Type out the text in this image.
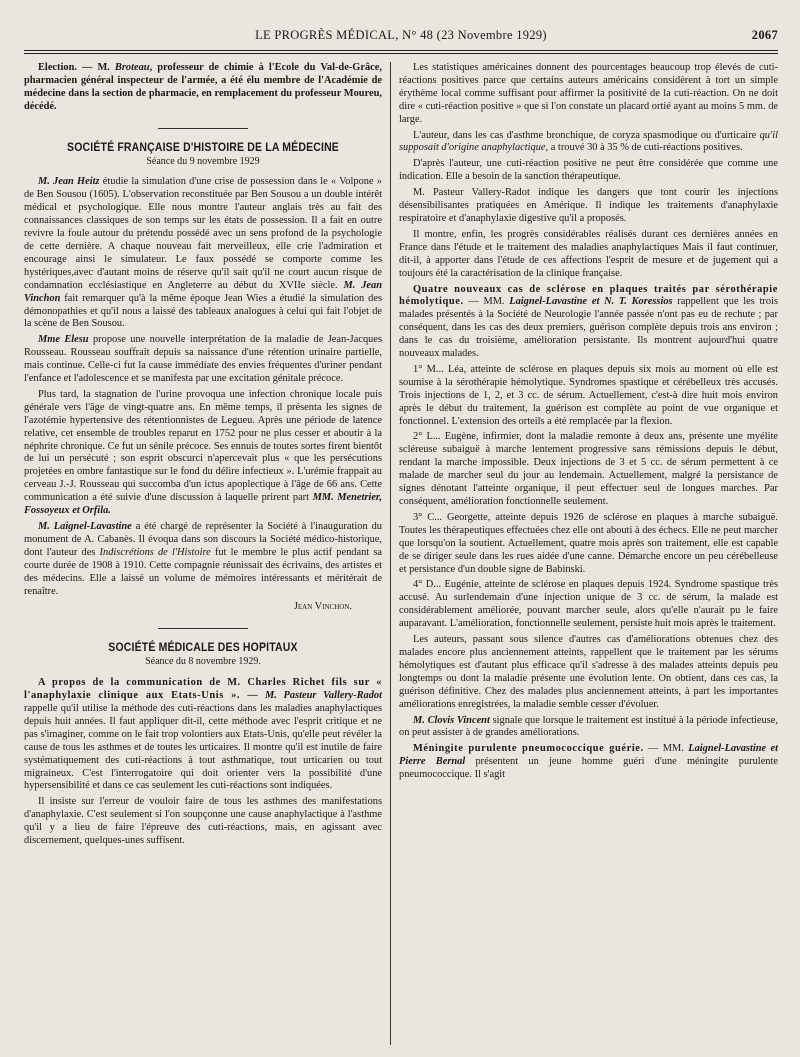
LE PROGRÈS MÉDICAL, N° 48 (23 Novembre 1929)	2067

Election. — M. Broteau, professeur de chimie à l'École du Val-de-Grâce, pharmacien général inspecteur de l'armée, a été élu membre de l'Académie de médecine dans la section de pharmacie, en remplacement du professeur Moureu, décédé.

SOCIÉTÉ FRANÇAISE D'HISTOIRE DE LA MÉDECINE
Séance du 9 novembre 1929

M. Jean Heitz étudie la simulation d'une crise de possession dans le « Volpone » de Ben Sousou (1605). L'observation reconstituée par Ben Sousou a un double intérêt médical et psychologique. Elle nous montre l'auteur anglais très au fait des connaissances classiques de son temps sur les états de possession. Il a fait en outre revivre la foule autour du prétendu possédé avec un sens profond de la psychologie de cette dernière. A chaque nouveau fait merveilleux, elle crie l'admiration et encourage ainsi le simulateur. Le faux possédé se comporte comme les hystériques,avec d'autant moins de réserve qu'il sait qu'il ne court aucun risque de condamnation ecclésiastique en Angleterre au début du XVIIe siècle. M. Jean Vinchon fait remarquer qu'à la même époque Jean Wies a étudié la simulation des démonopathies et qu'il nous a laissé des tableaux analogues à celui qui fait l'objet de la scène de Ben Sousou.

Mme Elesu propose une nouvelle interprétation de la maladie de Jean-Jacques Rousseau. Rousseau souffrait depuis sa naissance d'une rétention urinaire partielle, mais continue. Celle-ci fut la cause immédiate des envies fréquentes d'uriner pendant l'enfance et l'adolescence et se manifesta par une excitation génitale précoce.

Plus tard, la stagnation de l'urine provoqua une infection chronique locale puis générale vers l'âge de vingt-quatre ans. En même temps, il présenta les signes de l'azotémie hypertensive des rétentionnistes de Legueu. Après une période de latence relative, cet ensemble de troubles reparut en 1752 pour ne plus cesser et aboutir à la néphrite chronique. Ce fut un sénile précoce. Ses ennuis de toutes sortes firent bientôt de lui un persécuté ; son esprit obscurci n'apercevait plus « que les persécutions projetées en ombre fantastique sur le fond du délire infectieux ». L'urémie frappait au cerveau J.-J. Rousseau qui succomba d'un ictus apoplectique à l'âge de 66 ans. Cette communication a été suivie d'une discussion à laquelle prirent part MM. Menetrier, Fossoyeux et Orfila.

M. Laignel-Lavastine a été chargé de représenter la Société à l'inauguration du monument de A. Cabanès. Il évoqua dans son discours la Société médico-historique, dont l'auteur des Indiscrétions de l'Histoire fut le membre le plus actif pendant sa courte durée de 1908 à 1910. Cette compagnie réunissait des écrivains, des artistes et des médecins. Elle a laissé un volume de mémoires intéressants et méritérait de renaître.

Jean Vinchon.
SOCIÉTÉ MÉDICALE DES HOPITAUX
Séance du 8 novembre 1929.

A propos de la communication de M. Charles Richet fils sur « l'anaphylaxie clinique aux Etats-Unis ». — M. Pasteur Vallery-Radot rappelle qu'il utilise la méthode des cuti-réactions dans les maladies anaphylactiques depuis huit années. Il faut appliquer dit-il, cette méthode avec l'esprit critique et ne pas s'imaginer, comme on le fait trop volontiers aux Etats-Unis, qu'elle peut révéler la cause de tous les asthmes et de toutes les urticaires. Il montre qu'il est inutile de faire systématiquement des cuti-réactions à tout asthmatique, tout urticarien ou tout migraineux. C'est l'interrogatoire qui doit orienter vers la possibilité d'une hypersensibilité et dans ce cas seulement les cuti-réactions sont indiquées.

Il insiste sur l'erreur de vouloir faire de tous les asthmes des manifestations d'anaphylaxie. C'est seulement si l'on soupçonne une cause anaphylactique à l'asthme qu'il y a lieu de faire l'épreuve des cuti-réactions, mais, en agissant avec discernement, quelques-unes suffisent.

Les statistiques américaines donnent des pourcentages beaucoup trop élevés de cuti-réactions positives parce que certains auteurs américains considèrent à tort un simple érythème local comme suffisant pour affirmer la positivité de la cuti-réaction. On ne doit dire « cuti-réaction positive » que si l'on constate un placard ortié ayant au moins 5 mm. de large.

L'auteur, dans les cas d'asthme bronchique, de coryza spasmodique ou d'urticaire qu'il supposait d'origine anaphylactique, a trouvé 30 à 35 % de cuti-réactions positives.

D'après l'auteur, une cuti-réaction positive ne peut être considérée que comme une indication. Elle a besoin de la sanction thérapeutique.

M. Pasteur Vallery-Radot indique les dangers que tont courir les injections désensibilisantes pratiquées en Amérique. Il indique les traitements d'anaphylaxie respiratoire et d'anaphylaxie digestive qu'il a proposés.

Il montre, enfin, les progrès considérables réalisés durant ces dernières années en France dans l'étude et le traitement des maladies anaphylactiques Mais il faut continuer, dit-il, à apporter dans l'étude de ces affections l'esprit de mesure et de jugement qui a toujours été la caractérisation de la clinique française.

Quatre nouveaux cas de sclérose en plaques traités par sérothérapie hémolytique. — MM. Laignel-Lavastine et N. T. Koressios rappellent que les trois malades présentés à la Société de Neurologie l'année passée n'ont pas eu de rechute ; par conséquent, dans les cas des deux premiers, guérison complète depuis trois ans environ ; dans le cas du troisième, amélioration persistante. Ils montrent aujourd'hui quatre nouveaux malades.

1° M... Léa, atteinte de sclérose en plaques depuis six mois au moment où elle est soumise à la sérothérapie hémolytique. Syndromes spastique et cérébelleux très accusés. Trois injections de 1, 2, et 3 cc. de sérum. Actuellement, c'est-à dire huit mois environ après le début du traitement, la guérison est complète au point de vue organique et fonctionnel. L'extension des orteils a été remplacée par la flexion.

2° L... Eugène, infirmier, dont la maladie remonte à deux ans, présente une myélite scléreuse subaiguë à marche lentement progressive sans rémissions depuis le début, rendant la marche impossible. Deux injections de 3 et 5 cc. de sérum permettent à ce malade de marcher seul du jour au lendemain. Actuellement, malgré la persistance de signes dénotant l'atteinte organique, il peut effectuer seul de longues marches. Par conséquent, amélioration fonctionnelle seulement.

3° C... Georgette, atteinte depuis 1926 de sclérose en plaques à marche subaiguë. Toutes les thérapeutiques effectuées chez elle ont abouti à des échecs. Elle ne peut marcher que lorsqu'on la soutient. Actuellement, quatre mois après son traitement, elle est capable de se diriger seule dans les rues aidée d'une canne. Démarche encore un peu cérébelleuse et persistance d'un double signe de Babinski.

4° D... Eugénie, atteinte de sclérose en plaques depuis 1924. Syndrome spastique très accusé. Au surlendemain d'une injection unique de 3 cc. de sérum, la malade est considérablement améliorée, pouvant marcher seule, alors qu'elle n'aurait pu le faire auparavant. L'amélioration, fonctionnelle seulement, persiste huit mois après le traitement.

Les auteurs, passant sous silence d'autres cas d'améliorations obtenues chez des malades encore plus anciennement atteints, rappellent que le traitement par les sérums hémolytiques est d'autant plus efficace qu'il s'adresse à des malades atteints depuis peu longtemps ou dont la maladie présente une évolution lente. On obtient, dans ces cas, la guérison définitive. Chez des malades plus anciennement atteints, à part les importantes améliorations enregistrées, la maladie semble cesser d'évoluer.

M. Clovis Vincent signale que lorsque le traitement est institué à la période infectieuse, on peut assister à de grandes améliorations.

Méningite purulente pneumococcique guérie. — MM. Laignel-Lavastine et Pierre Bernal présentent un jeune homme guéri d'une méningite purulente pneumococcique. Il s'agit
